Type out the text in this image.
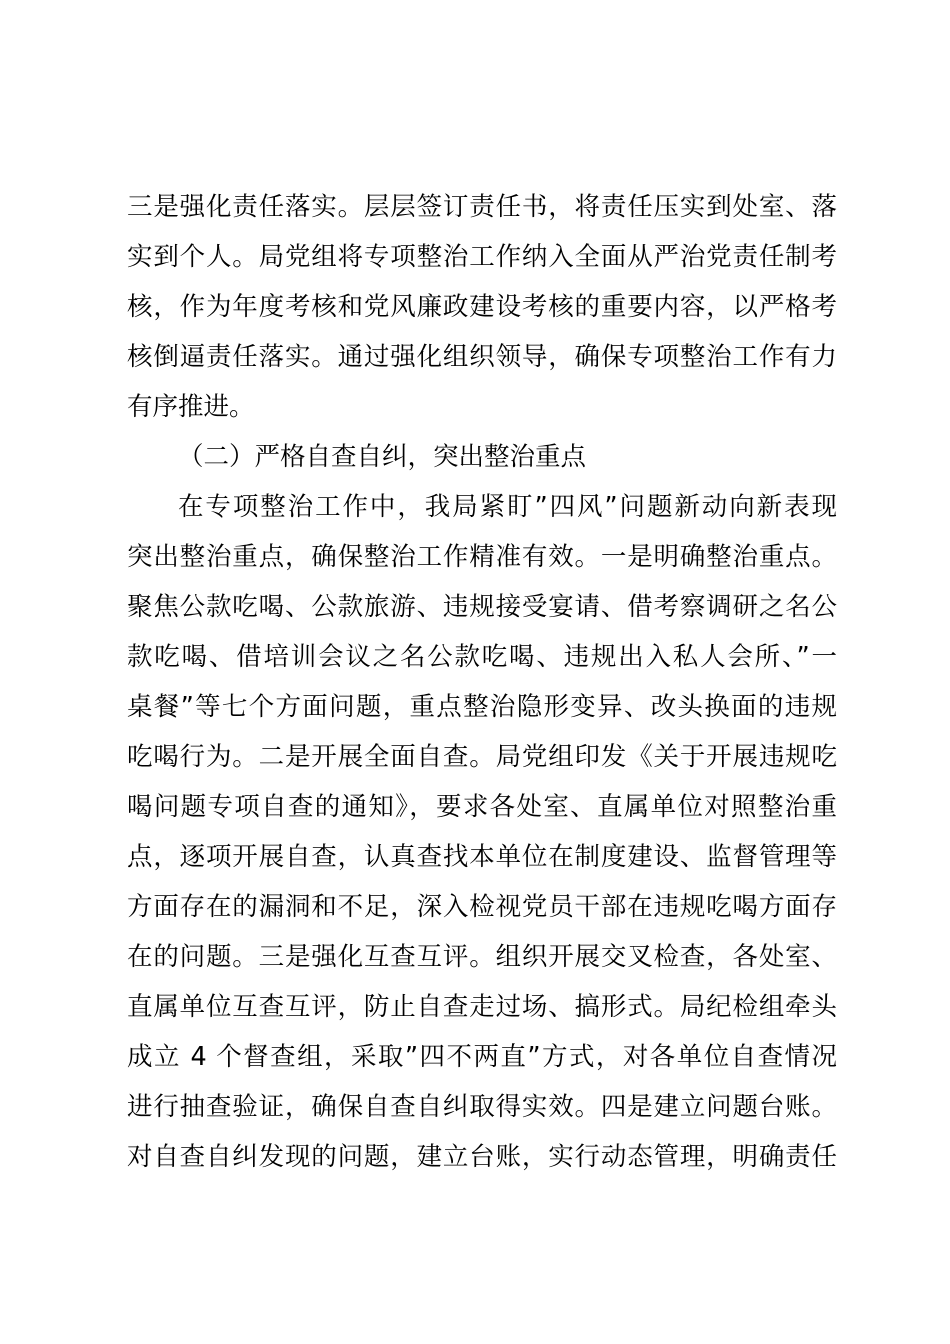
三是强化责任落实。层层签订责任书，将责任压实到处室、落
实到个人。局党组将专项整治工作纳入全面从严治党责任制考
核，作为年度考核和党风廉政建设考核的重要内容，以严格考
核倒逼责任落实。通过强化组织领导，确保专项整治工作有力
有序推进。
（二）严格自查自纠，突出整治重点
在专项整治工作中，我局紧盯”四风”问题新动向新表现
突出整治重点，确保整治工作精准有效。一是明确整治重点。
聚焦公款吃喝、公款旅游、违规接受宴请、借考察调研之名公
款吃喝、借培训会议之名公款吃喝、违规出入私人会所、”一
桌餐”等七个方面问题，重点整治隐形变异、改头换面的违规
吃喝行为。二是开展全面自查。局党组印发《关于开展违规吃
喝问题专项自查的通知》，要求各处室、直属单位对照整治重
点，逐项开展自查，认真查找本单位在制度建设、监督管理等
方面存在的漏洞和不足，深入检视党员干部在违规吃喝方面存
在的问题。三是强化互查互评。组织开展交叉检查，各处室、
直属单位互查互评，防止自查走过场、搞形式。局纪检组牵头
成立 4 个督查组，采取”四不两直”方式，对各单位自查情况
进行抽查验证，确保自查自纠取得实效。四是建立问题台账。
对自查自纠发现的问题，建立台账，实行动态管理，明确责任
